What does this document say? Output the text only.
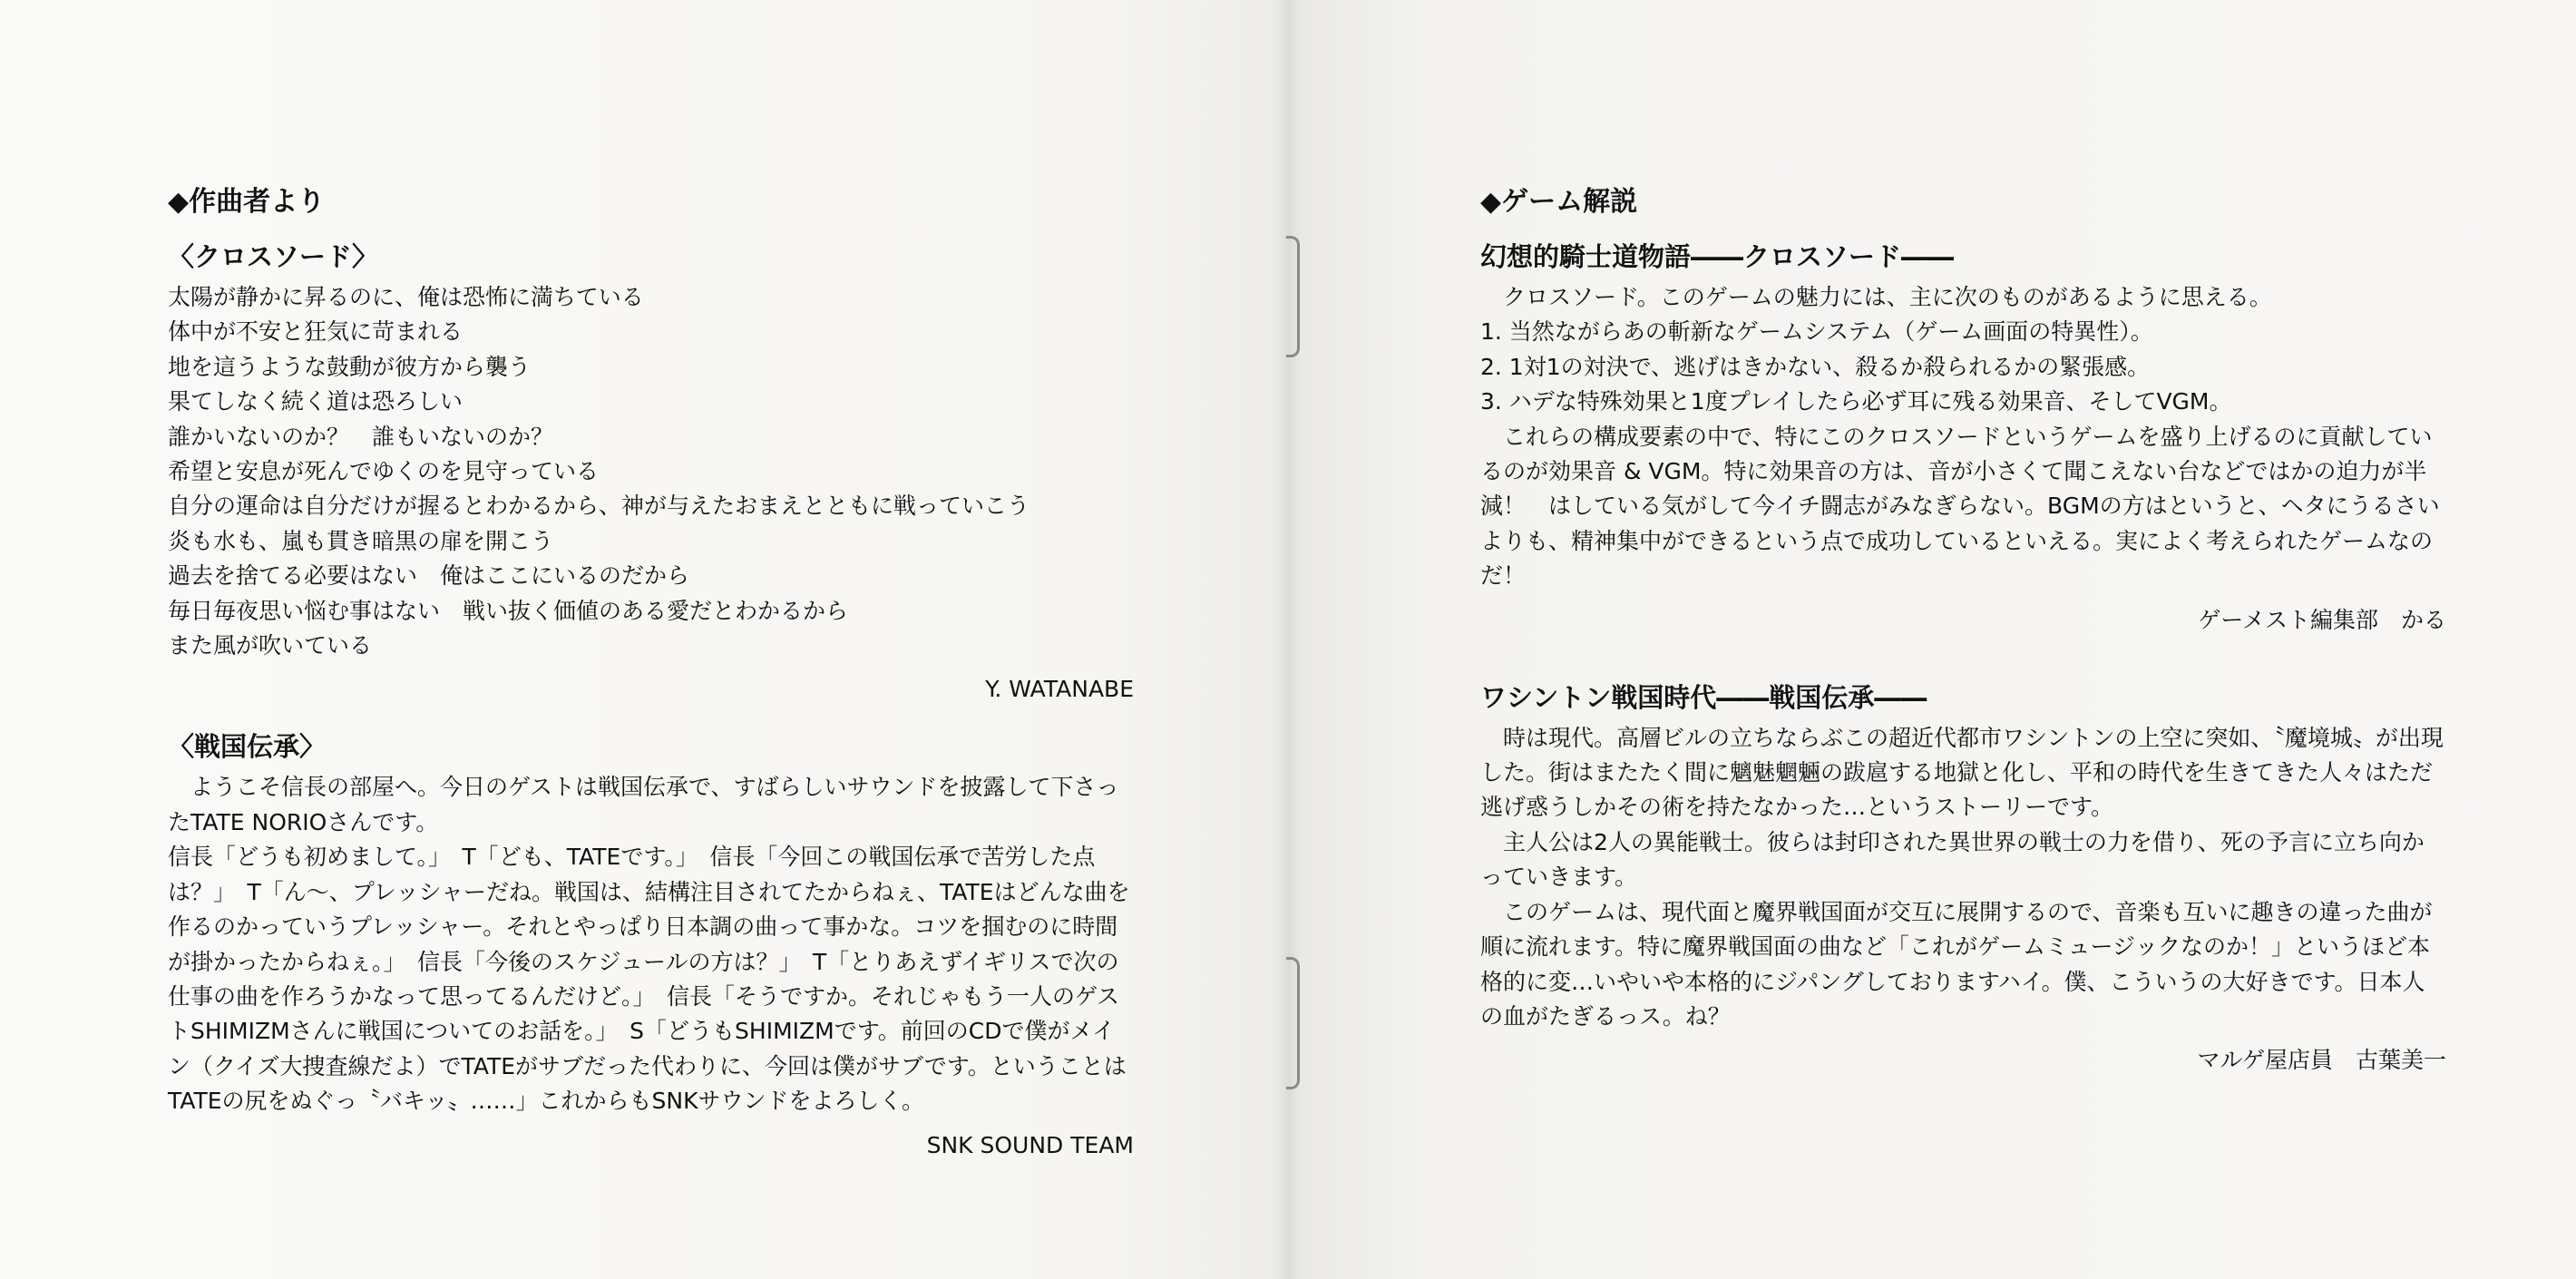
◆作曲者より
〈クロスソード〉
太陽が静かに昇るのに、俺は恐怖に満ちている
体中が不安と狂気に苛まれる
地を這うような鼓動が彼方から襲う
果てしなく続く道は恐ろしい
誰かいないのか？　誰もいないのか？
希望と安息が死んでゆくのを見守っている
自分の運命は自分だけが握るとわかるから、神が与えたおまえとともに戦っていこう
炎も水も、嵐も貫き暗黒の扉を開こう
過去を捨てる必要はない　俺はここにいるのだから
毎日毎夜思い悩む事はない　戦い抜く価値のある愛だとわかるから
また風が吹いている
Y. WATANABE
〈戦国伝承〉
ようこそ信長の部屋へ。今日のゲストは戦国伝承で、すばらしいサウンドを披露して下さったTATE NORIOさんです。
信長「どうも初めまして。」　T「ども、TATEです。」　信長「今回この戦国伝承で苦労した点は？」　T「ん〜、プレッシャーだね。戦国は、結構注目されてたからねぇ、TATEはどんな曲を作るのかっていうプレッシャー。それとやっぱり日本調の曲って事かな。コツを掴むのに時間が掛かったからねぇ。」　信長「今後のスケジュールの方は？」　T「とりあえずイギリスで次の仕事の曲を作ろうかなって思ってるんだけど。」　信長「そうですか。それじゃもう一人のゲストSHIMIZMさんに戦国についてのお話を。」　S「どうもSHIMIZMです。前回のCDで僕がメイン（クイズ大捜査線だよ）でTATEがサブだった代わりに、今回は僕がサブです。ということはTATEの尻をぬぐっ〝バキッ〟……」これからもSNKサウンドをよろしく。
SNK SOUND TEAM
◆ゲーム解説
幻想的騎士道物語――クロスソード――
クロスソード。このゲームの魅力には、主に次のものがあるように思える。
1. 当然ながらあの斬新なゲームシステム（ゲーム画面の特異性）。
2. 1対1の対決で、逃げはきかない、殺るか殺られるかの緊張感。
3. ハデな特殊効果と1度プレイしたら必ず耳に残る効果音、そしてVGM。
これらの構成要素の中で、特にこのクロスソードというゲームを盛り上げるのに貢献しているのが効果音 & VGM。特に効果音の方は、音が小さくて聞こえない台などではかの迫力が半減！　はしている気がして今イチ闘志がみなぎらない。BGMの方はというと、ヘタにうるさいよりも、精神集中ができるという点で成功しているといえる。実によく考えられたゲームなのだ！
ゲーメスト編集部　かる
ワシントン戦国時代――戦国伝承――
時は現代。高層ビルの立ちならぶこの超近代都市ワシントンの上空に突如、〝魔境城〟が出現した。街はまたたく間に魑魅魍魎の跋扈する地獄と化し、平和の時代を生きてきた人々はただ逃げ惑うしかその術を持たなかった…というストーリーです。
主人公は2人の異能戦士。彼らは封印された異世界の戦士の力を借り、死の予言に立ち向かっていきます。
このゲームは、現代面と魔界戦国面が交互に展開するので、音楽も互いに趣きの違った曲が順に流れます。特に魔界戦国面の曲など「これがゲームミュージックなのか！」というほど本格的に変…いやいや本格的にジパングしておりますハイ。僕、こういうの大好きです。日本人の血がたぎるっス。ね？
マルゲ屋店員　古葉美一
